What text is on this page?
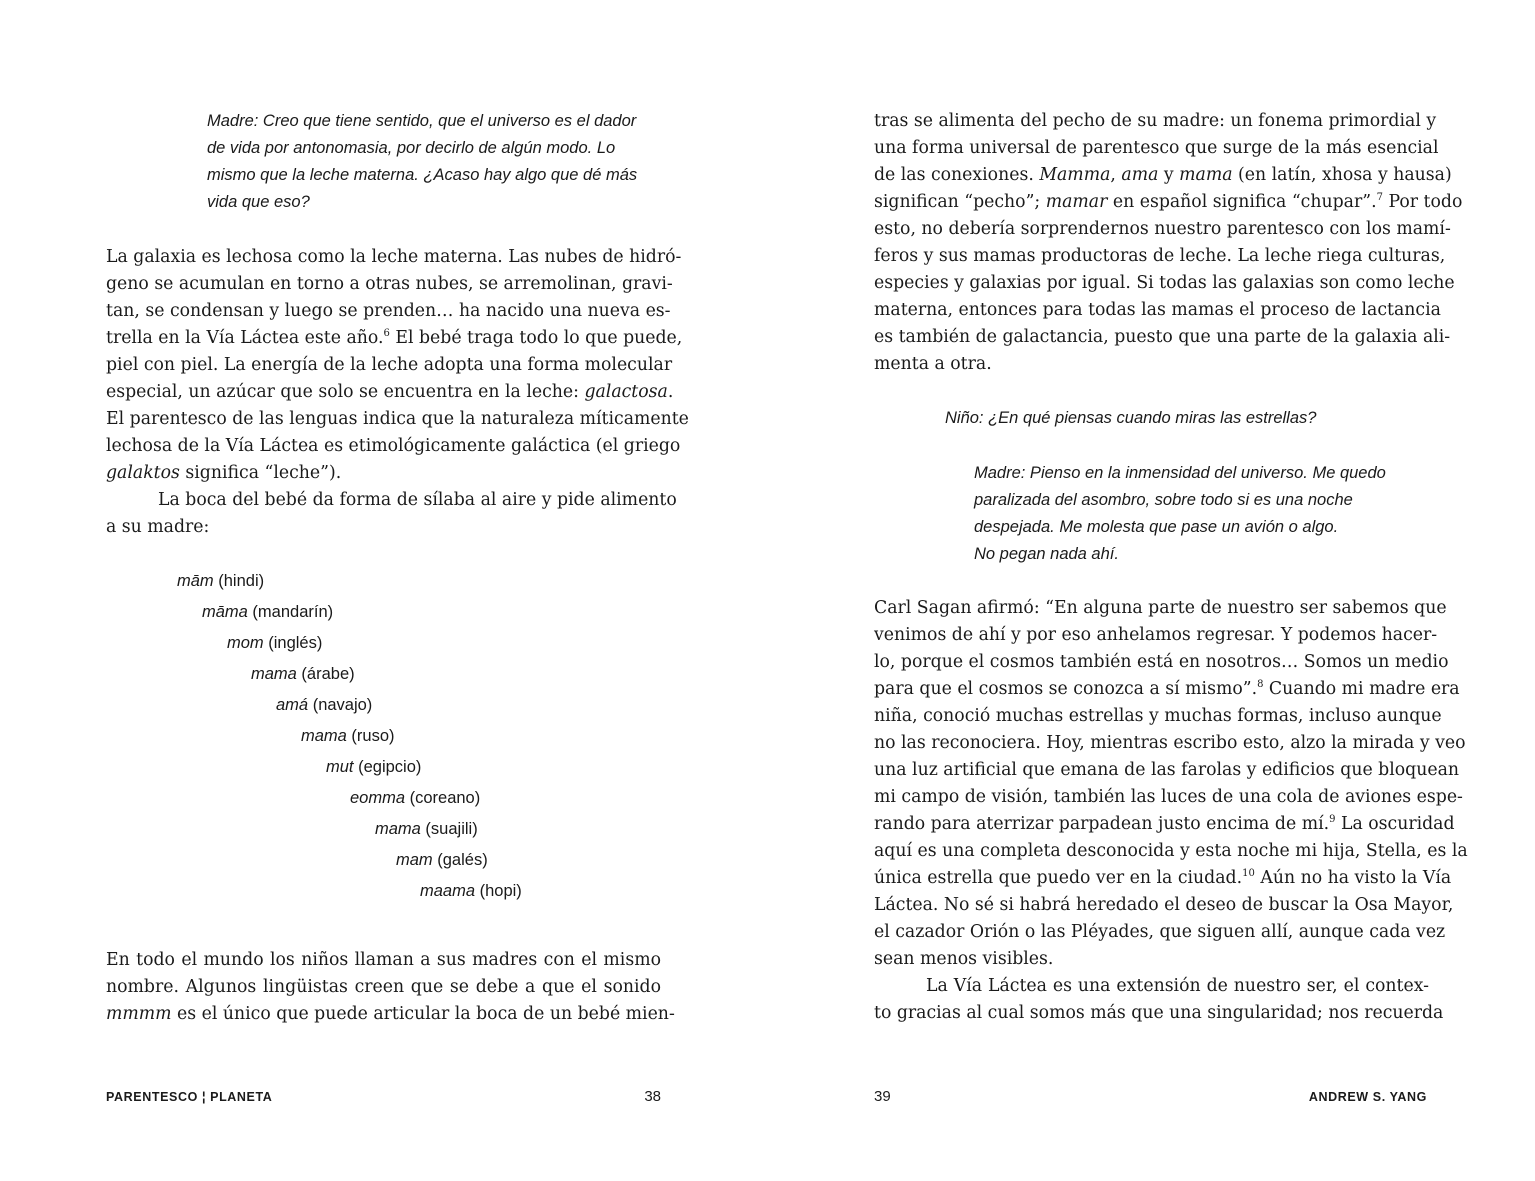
Madre: Creo que tiene sentido, que el universo es el dador
de vida por antonomasia, por decirlo de algún modo. Lo
mismo que la leche materna. ¿Acaso hay algo que dé más
vida que eso?
La galaxia es lechosa como la leche materna. Las nubes de hidró-
geno se acumulan en torno a otras nubes, se arremolinan, gravi-
tan, se condensan y luego se prenden… ha nacido una nueva es-
trella en la Vía Láctea este año.$^6$ El bebé traga todo lo que puede,
piel con piel. La energía de la leche adopta una forma molecular
especial, un azúcar que solo se encuentra en la leche: galactosa.
El parentesco de las lenguas indica que la naturaleza míticamente
lechosa de la Vía Láctea es etimológicamente galáctica (el griego
galaktos significa “leche”).
La boca del bebé da forma de sílaba al aire y pide alimento
a su madre:
mām (hindi)
māma (mandarín)
mom (inglés)
mama (árabe)
amá (navajo)
mama (ruso)
mut (egipcio)
eomma (coreano)
mama (suajili)
mam (galés)
maama (hopi)
En todo el mundo los niños llaman a sus madres con el mismo
nombre. Algunos lingüistas creen que se debe a que el sonido
mmmm es el único que puede articular la boca de un bebé mien-
PARENTESCO ¦ PLANETA	38
tras se alimenta del pecho de su madre: un fonema primordial y
una forma universal de parentesco que surge de la más esencial
de las conexiones. Mamma, ama y mama (en latín, xhosa y hausa)
significan “pecho”; mamar en español significa “chupar”.$^7$ Por todo
esto, no debería sorprendernos nuestro parentesco con los mamí-
feros y sus mamas productoras de leche. La leche riega culturas,
especies y galaxias por igual. Si todas las galaxias son como leche
materna, entonces para todas las mamas el proceso de lactancia
es también de galactancia, puesto que una parte de la galaxia ali-
menta a otra.
Niño: ¿En qué piensas cuando miras las estrellas?
Madre: Pienso en la inmensidad del universo. Me quedo
paralizada del asombro, sobre todo si es una noche
despejada. Me molesta que pase un avión o algo.
No pegan nada ahí.
Carl Sagan afirmó: “En alguna parte de nuestro ser sabemos que
venimos de ahí y por eso anhelamos regresar. Y podemos hacer-
lo, porque el cosmos también está en nosotros… Somos un medio
para que el cosmos se conozca a sí mismo”.$^8$ Cuando mi madre era
niña, conoció muchas estrellas y muchas formas, incluso aunque
no las reconociera. Hoy, mientras escribo esto, alzo la mirada y veo
una luz artificial que emana de las farolas y edificios que bloquean
mi campo de visión, también las luces de una cola de aviones espe-
rando para aterrizar parpadean justo encima de mí.$^9$ La oscuridad
aquí es una completa desconocida y esta noche mi hija, Stella, es la
única estrella que puedo ver en la ciudad.$^{10}$ Aún no ha visto la Vía
Láctea. No sé si habrá heredado el deseo de buscar la Osa Mayor,
el cazador Orión o las Pléyades, que siguen allí, aunque cada vez
sean menos visibles.
La Vía Láctea es una extensión de nuestro ser, el contex-
to gracias al cual somos más que una singularidad; nos recuerda
39	ANDREW S. YANG
